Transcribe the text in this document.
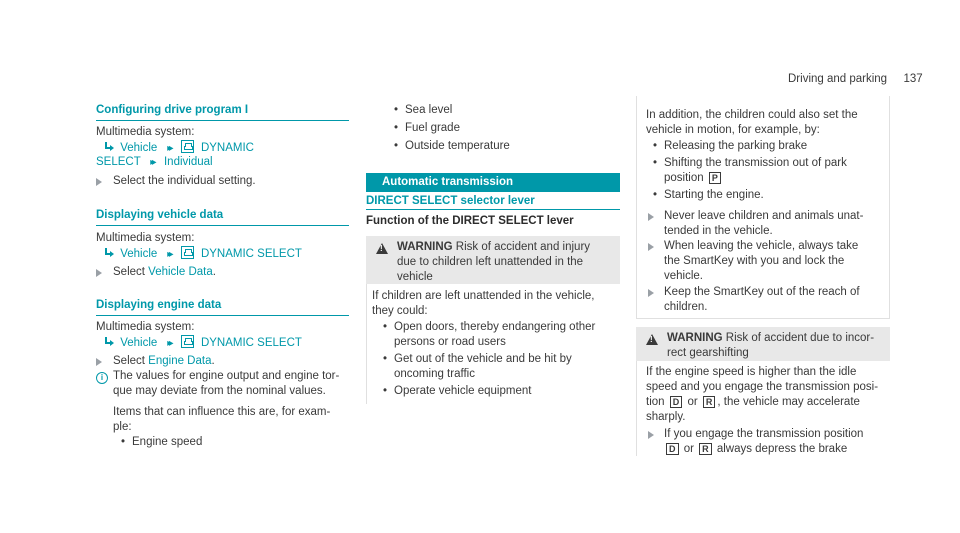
Driving and parking 137
Configuring drive program I
Multimedia system:
Vehicle ▸▸	DYNAMIC
SELECT ▸▸ Individual
Select the individual setting.
Displaying vehicle data
Multimedia system:
Vehicle ▸▸	DYNAMIC SELECT
Select Vehicle Data.
Displaying engine data
Multimedia system:
Vehicle ▸▸	DYNAMIC SELECT
Select Engine Data.
i The values for engine output and engine tor-
que may deviate from the nominal values.
Items that can influence this are, for exam-
ple:
• Engine speed
• Sea level
• Fuel grade
• Outside temperature
Automatic transmission
DIRECT SELECT selector lever
Function of the DIRECT SELECT lever
!
WARNING Risk of accident and injury
due to children left unattended in the
vehicle
If children are left unattended in the vehicle,
they could:
• Open doors, thereby endangering other
persons or road users
• Get out of the vehicle and be hit by
oncoming traffic
• Operate vehicle equipment
In addition, the children could also set the
vehicle in motion, for example, by:
• Releasing the parking brake
• Shifting the transmission out of park
position P
• Starting the engine.
Never leave children and animals unat-
tended in the vehicle.
When leaving the vehicle, always take
the SmartKey with you and lock the
vehicle.
Keep the SmartKey out of the reach of
children.
!
WARNING Risk of accident due to incor-
rect gearshifting
If the engine speed is higher than the idle
speed and you engage the transmission posi-
tion D or R , the vehicle may accelerate
sharply.
If you engage the transmission position
D or R always depress the brake
